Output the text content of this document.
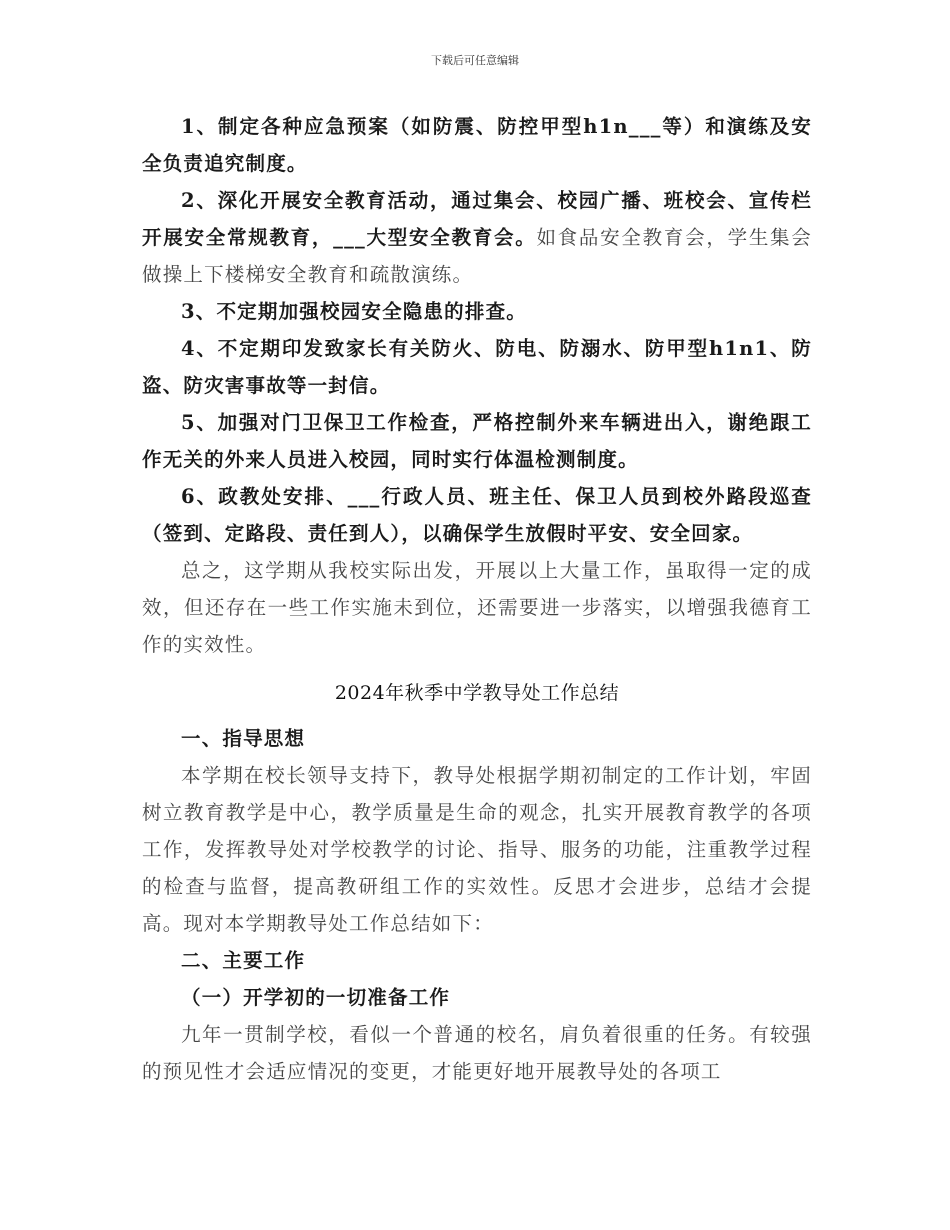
下载后可任意编辑

1、制定各种应急预案（如防震、防控甲型h1n___等）和演练及安全负责追究制度。

2、深化开展安全教育活动，通过集会、校园广播、班校会、宣传栏开展安全常规教育，___大型安全教育会。如食品安全教育会，学生集会做操上下楼梯安全教育和疏散演练。

3、不定期加强校园安全隐患的排查。

4、不定期印发致家长有关防火、防电、防溺水、防甲型h1n1、防盗、防灾害事故等一封信。

5、加强对门卫保卫工作检查，严格控制外来车辆进出入，谢绝跟工作无关的外来人员进入校园，同时实行体温检测制度。

6、政教处安排、___行政人员、班主任、保卫人员到校外路段巡查（签到、定路段、责任到人），以确保学生放假时平安、安全回家。

总之，这学期从我校实际出发，开展以上大量工作，虽取得一定的成效，但还存在一些工作实施未到位，还需要进一步落实，以增强我德育工作的实效性。

2024年秋季中学教导处工作总结

一、指导思想

本学期在校长领导支持下，教导处根据学期初制定的工作计划，牢固树立教育教学是中心，教学质量是生命的观念，扎实开展教育教学的各项工作，发挥教导处对学校教学的讨论、指导、服务的功能，注重教学过程的检查与监督，提高教研组工作的实效性。反思才会进步，总结才会提高。现对本学期教导处工作总结如下：

二、主要工作

（一）开学初的一切准备工作

九年一贯制学校，看似一个普通的校名，肩负着很重的任务。有较强的预见性才会适应情况的变更，才能更好地开展教导处的各项工
